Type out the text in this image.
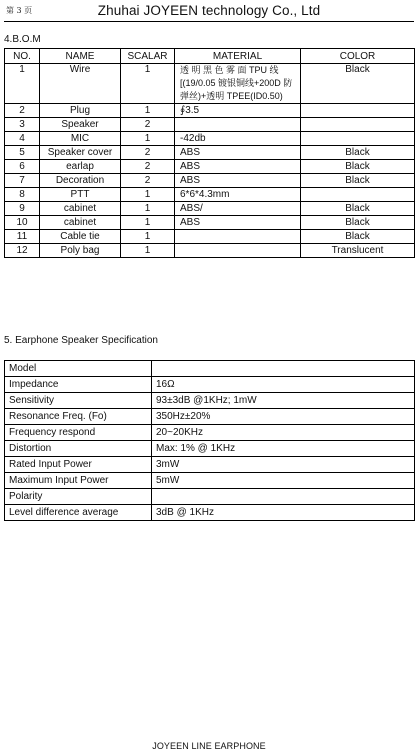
第 3 页	Zhuhai JOYEEN technology Co., Ltd
4.B.O.M
NO.	NAME	SCALAR	MATERIAL	COLOR
1	Wire	1	透 明 黑 色 雾 面 TPU 线
[(19/0.05 镀银铜线+200D 防
弹丝)+透明 TPEE(ID0.50)	Black
2	Plug	1	∮3.5	
3	Speaker	2		
4	MIC	1	-42db	
5	Speaker cover	2	ABS	Black
6	earlap	2	ABS	Black
7	Decoration	2	ABS	Black
8	PTT	1	6*6*4.3mm	
9	cabinet	1	ABS/	Black
10	cabinet	1	ABS	Black
11	Cable tie	1		Black
12	Poly bag	1		Translucent
5. Earphone Speaker Specification
Model	
Impedance	16Ω
Sensitivity	93±3dB @1KHz; 1mW
Resonance Freq. (Fo)	350Hz±20%
Frequency respond	20~20KHz
Distortion	Max: 1% @ 1KHz
Rated Input Power	3mW
Maximum Input Power	5mW
Polarity	
Level difference average	3dB @ 1KHz
JOYEEN LINE EARPHONE
